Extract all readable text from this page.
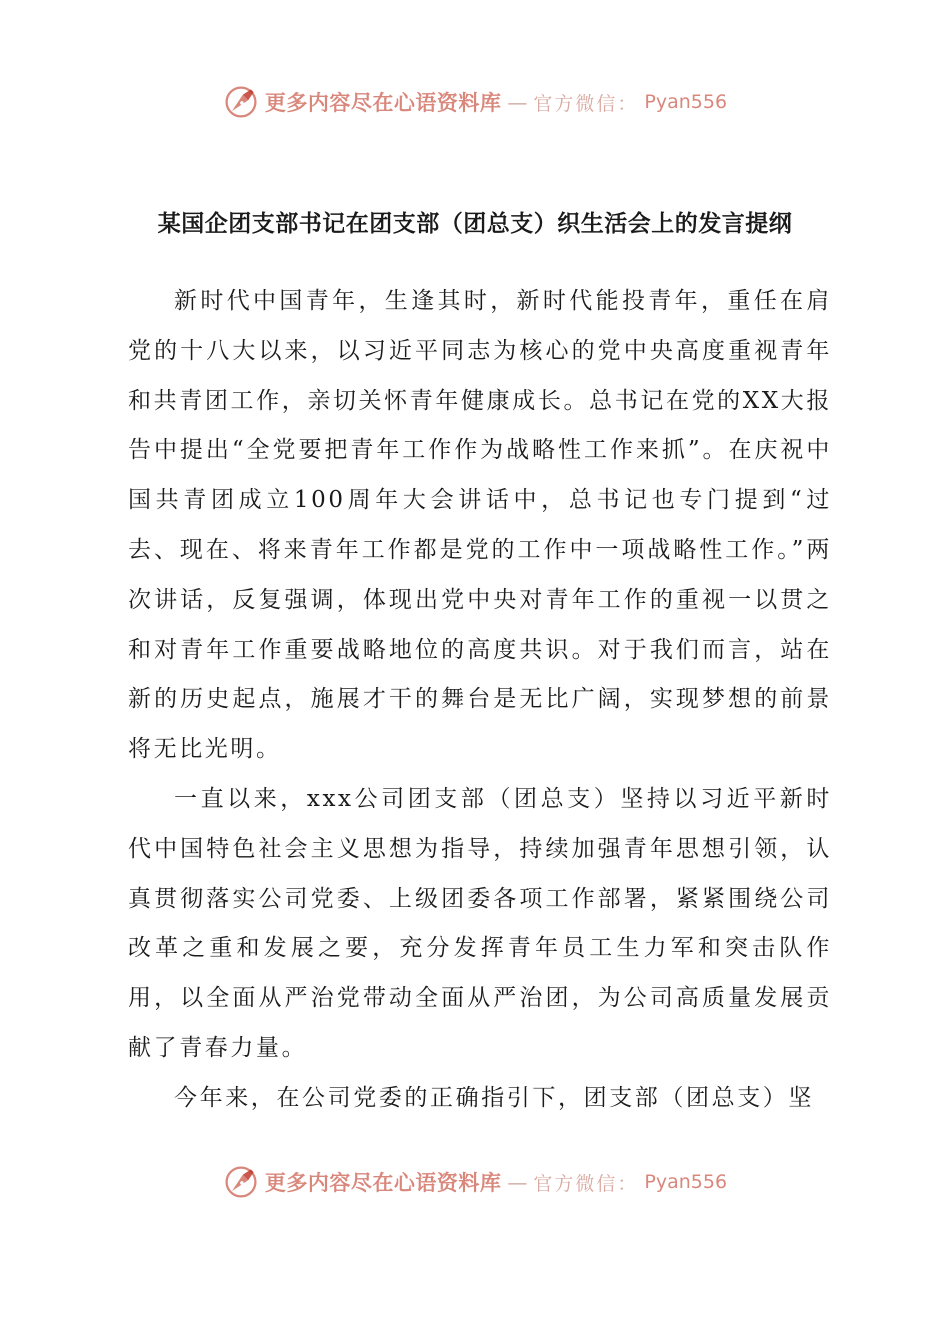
更多内容尽在心语资料库 — 官方微信： Pyan556
某国企团支部书记在团支部（团总支）织生活会上的发言提纲

新时代中国青年，生逢其时，新时代能投青年，重任在肩党的十八大以来，以习近平同志为核心的党中央高度重视青年和共青团工作，亲切关怀青年健康成长。总书记在党的XX大报告中提出“全党要把青年工作作为战略性工作来抓”。在庆祝中国共青团成立100周年大会讲话中，总书记也专门提到“过去、现在、将来青年工作都是党的工作中一项战略性工作。”两次讲话，反复强调，体现出党中央对青年工作的重视一以贯之和对青年工作重要战略地位的高度共识。对于我们而言，站在新的历史起点，施展才干的舞台是无比广阔，实现梦想的前景将无比光明。

一直以来，xxx公司团支部（团总支）坚持以习近平新时代中国特色社会主义思想为指导，持续加强青年思想引领，认真贯彻落实公司党委、上级团委各项工作部署，紧紧围绕公司改革之重和发展之要，充分发挥青年员工生力军和突击队作用，以全面从严治党带动全面从严治团，为公司高质量发展贡献了青春力量。

今年来，在公司党委的正确指引下，团支部（团总支）坚

更多内容尽在心语资料库 — 官方微信： Pyan556
